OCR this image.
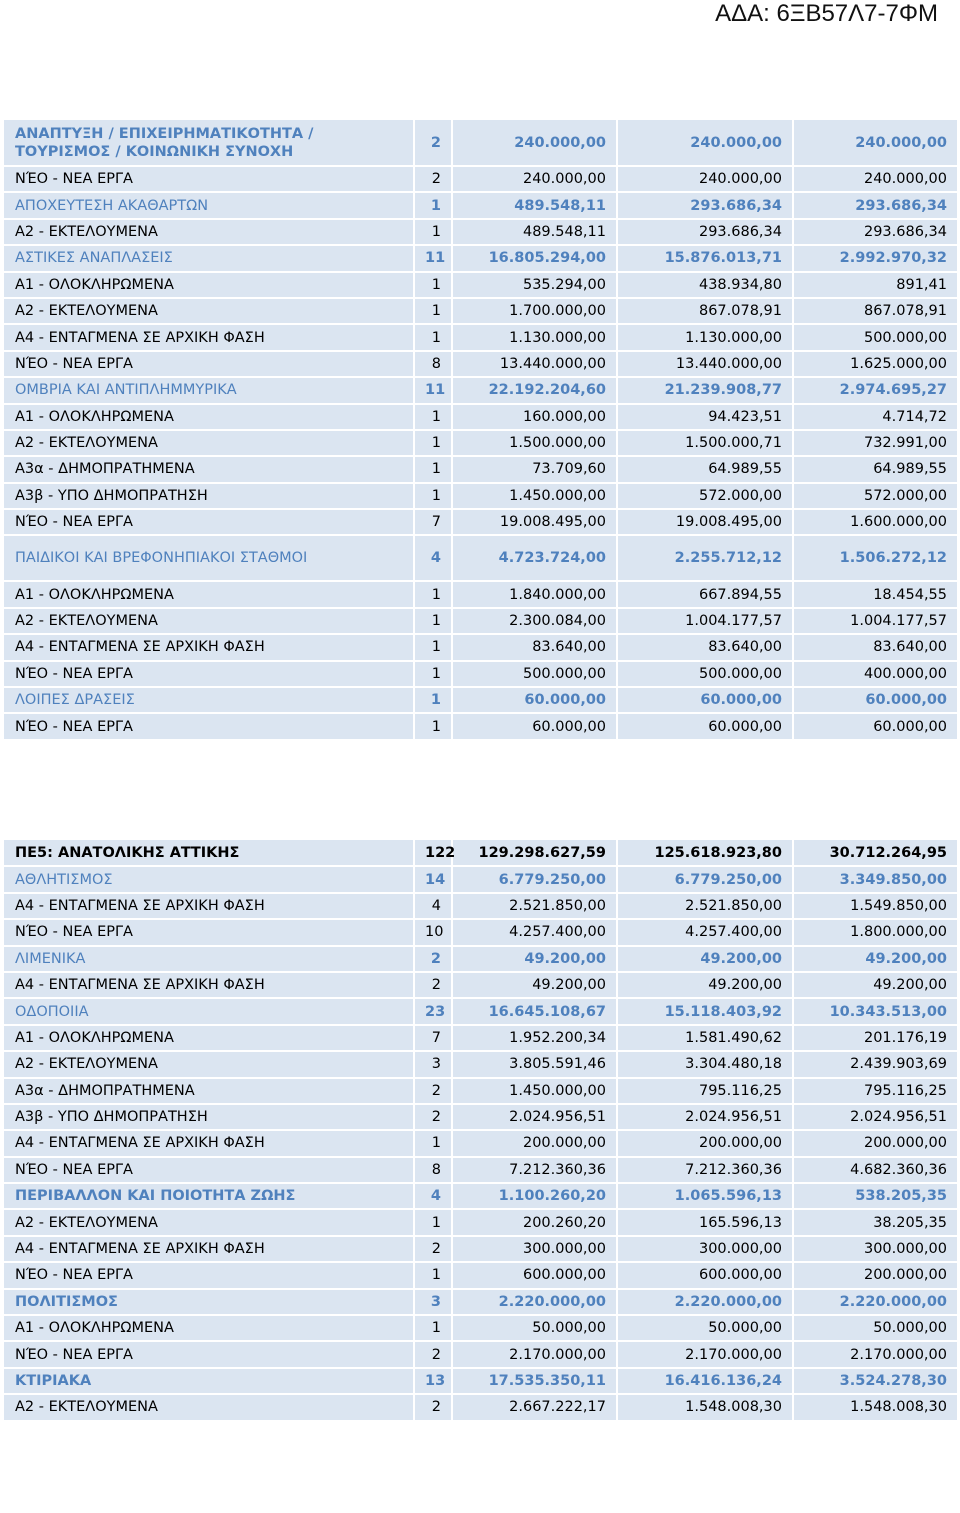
ΑΔΑ: 6ΞΒ57Λ7-7ΦΜ
ΑΝΑΠΤΥΞΗ / ΕΠΙΧΕΙΡΗΜΑΤΙΚΟΤΗΤΑ / ΤΟΥΡΙΣΜΟΣ / ΚΟΙΝΩΝΙΚΗ ΣΥΝΟΧΗ	2	240.000,00	240.000,00	240.000,00
ΝΈΟ - ΝΕΑ ΕΡΓΑ	2	240.000,00	240.000,00	240.000,00
ΑΠΟΧΕΥΤΕΣΗ ΑΚΑΘΑΡΤΩΝ	1	489.548,11	293.686,34	293.686,34
Α2 - ΕΚΤΕΛΟΥΜΕΝΑ	1	489.548,11	293.686,34	293.686,34
ΑΣΤΙΚΕΣ ΑΝΑΠΛΑΣΕΙΣ	11	16.805.294,00	15.876.013,71	2.992.970,32
Α1 - ΟΛΟΚΛΗΡΩΜΕΝΑ	1	535.294,00	438.934,80	891,41
Α2 - ΕΚΤΕΛΟΥΜΕΝΑ	1	1.700.000,00	867.078,91	867.078,91
Α4 - ΕΝΤΑΓΜΕΝΑ ΣΕ ΑΡΧΙΚΗ ΦΑΣΗ	1	1.130.000,00	1.130.000,00	500.000,00
ΝΈΟ - ΝΕΑ ΕΡΓΑ	8	13.440.000,00	13.440.000,00	1.625.000,00
ΟΜΒΡΙΑ ΚΑΙ ΑΝΤΙΠΛΗΜΜΥΡΙΚΑ	11	22.192.204,60	21.239.908,77	2.974.695,27
Α1 - ΟΛΟΚΛΗΡΩΜΕΝΑ	1	160.000,00	94.423,51	4.714,72
Α2 - ΕΚΤΕΛΟΥΜΕΝΑ	1	1.500.000,00	1.500.000,71	732.991,00
Α3α - ΔΗΜΟΠΡΑΤΗΜΕΝΑ	1	73.709,60	64.989,55	64.989,55
Α3β - ΥΠΟ ΔΗΜΟΠΡΑΤΗΣΗ	1	1.450.000,00	572.000,00	572.000,00
ΝΈΟ - ΝΕΑ ΕΡΓΑ	7	19.008.495,00	19.008.495,00	1.600.000,00
ΠΑΙΔΙΚΟΙ ΚΑΙ ΒΡΕΦΟΝΗΠΙΑΚΟΙ ΣΤΑΘΜΟΙ	4	4.723.724,00	2.255.712,12	1.506.272,12
Α1 - ΟΛΟΚΛΗΡΩΜΕΝΑ	1	1.840.000,00	667.894,55	18.454,55
Α2 - ΕΚΤΕΛΟΥΜΕΝΑ	1	2.300.084,00	1.004.177,57	1.004.177,57
Α4 - ΕΝΤΑΓΜΕΝΑ ΣΕ ΑΡΧΙΚΗ ΦΑΣΗ	1	83.640,00	83.640,00	83.640,00
ΝΈΟ - ΝΕΑ ΕΡΓΑ	1	500.000,00	500.000,00	400.000,00
ΛΟΙΠΕΣ ΔΡΑΣΕΙΣ	1	60.000,00	60.000,00	60.000,00
ΝΈΟ - ΝΕΑ ΕΡΓΑ	1	60.000,00	60.000,00	60.000,00
ΠΕ5: ΑΝΑΤΟΛΙΚΗΣ ΑΤΤΙΚΗΣ	122	129.298.627,59	125.618.923,80	30.712.264,95
ΑΘΛΗΤΙΣΜΟΣ	14	6.779.250,00	6.779.250,00	3.349.850,00
Α4 - ΕΝΤΑΓΜΕΝΑ ΣΕ ΑΡΧΙΚΗ ΦΑΣΗ	4	2.521.850,00	2.521.850,00	1.549.850,00
ΝΈΟ - ΝΕΑ ΕΡΓΑ	10	4.257.400,00	4.257.400,00	1.800.000,00
ΛΙΜΕΝΙΚΑ	2	49.200,00	49.200,00	49.200,00
Α4 - ΕΝΤΑΓΜΕΝΑ ΣΕ ΑΡΧΙΚΗ ΦΑΣΗ	2	49.200,00	49.200,00	49.200,00
ΟΔΟΠΟΙΙΑ	23	16.645.108,67	15.118.403,92	10.343.513,00
Α1 - ΟΛΟΚΛΗΡΩΜΕΝΑ	7	1.952.200,34	1.581.490,62	201.176,19
Α2 - ΕΚΤΕΛΟΥΜΕΝΑ	3	3.805.591,46	3.304.480,18	2.439.903,69
Α3α - ΔΗΜΟΠΡΑΤΗΜΕΝΑ	2	1.450.000,00	795.116,25	795.116,25
Α3β - ΥΠΟ ΔΗΜΟΠΡΑΤΗΣΗ	2	2.024.956,51	2.024.956,51	2.024.956,51
Α4 - ΕΝΤΑΓΜΕΝΑ ΣΕ ΑΡΧΙΚΗ ΦΑΣΗ	1	200.000,00	200.000,00	200.000,00
ΝΈΟ - ΝΕΑ ΕΡΓΑ	8	7.212.360,36	7.212.360,36	4.682.360,36
ΠΕΡΙΒΑΛΛΟΝ ΚΑΙ ΠΟΙΟΤΗΤΑ ΖΩΗΣ	4	1.100.260,20	1.065.596,13	538.205,35
Α2 - ΕΚΤΕΛΟΥΜΕΝΑ	1	200.260,20	165.596,13	38.205,35
Α4 - ΕΝΤΑΓΜΕΝΑ ΣΕ ΑΡΧΙΚΗ ΦΑΣΗ	2	300.000,00	300.000,00	300.000,00
ΝΈΟ - ΝΕΑ ΕΡΓΑ	1	600.000,00	600.000,00	200.000,00
ΠΟΛΙΤΙΣΜΟΣ	3	2.220.000,00	2.220.000,00	2.220.000,00
Α1 - ΟΛΟΚΛΗΡΩΜΕΝΑ	1	50.000,00	50.000,00	50.000,00
ΝΈΟ - ΝΕΑ ΕΡΓΑ	2	2.170.000,00	2.170.000,00	2.170.000,00
ΚΤΙΡΙΑΚΑ	13	17.535.350,11	16.416.136,24	3.524.278,30
Α2 - ΕΚΤΕΛΟΥΜΕΝΑ	2	2.667.222,17	1.548.008,30	1.548.008,30
